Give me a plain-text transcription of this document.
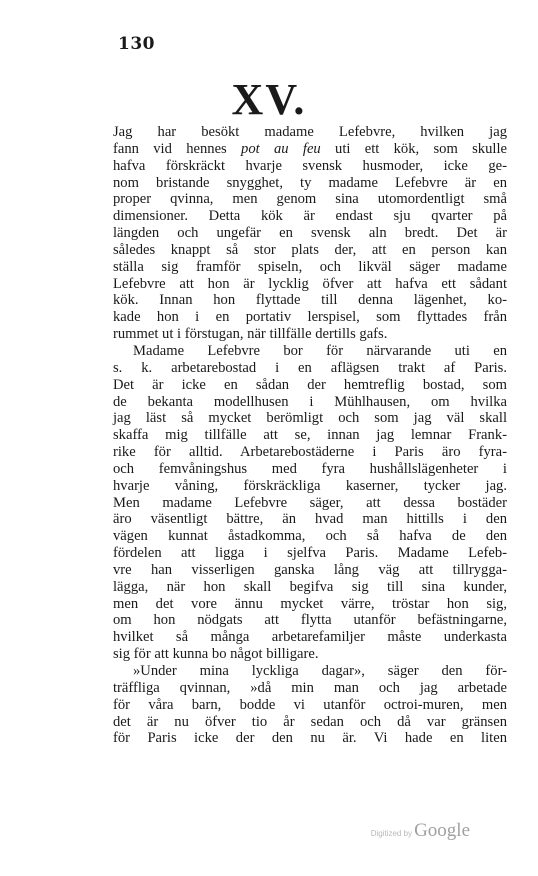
130
XV.
Jag har besökt madame Lefebvre, hvilken jag
fann vid hennes pot au feu uti ett kök, som skulle
hafva förskräckt hvarje svensk husmoder, icke ge-
nom bristande snygghet, ty madame Lefebvre är en
proper qvinna, men genom sina utomordentligt små
dimensioner. Detta kök är endast sju qvarter på
längden och ungefär en svensk aln bredt. Det är
således knappt så stor plats der, att en person kan
ställa sig framför spiseln, och likväl säger madame
Lefebvre att hon är lycklig öfver att hafva ett sådant
kök. Innan hon flyttade till denna lägenhet, ko-
kade hon i en portativ lerspisel, som flyttades från
rummet ut i förstugan, när tillfälle dertills gafs.
Madame Lefebvre bor för närvarande uti en
s. k. arbetarebostad i en aflägsen trakt af Paris.
Det är icke en sådan der hemtreflig bostad, som
de bekanta modellhusen i Mühlhausen, om hvilka
jag läst så mycket berömligt och som jag väl skall
skaffa mig tillfälle att se, innan jag lemnar Frank-
rike för alltid. Arbetarebostäderne i Paris äro fyra-
och femvåningshus med fyra hushållslägenheter i
hvarje våning, förskräckliga kaserner, tycker jag.
Men madame Lefebvre säger, att dessa bostäder
äro väsentligt bättre, än hvad man hittills i den
vägen kunnat åstadkomma, och så hafva de den
fördelen att ligga i sjelfva Paris. Madame Lefeb-
vre han visserligen ganska lång väg att tillrygga-
lägga, när hon skall begifva sig till sina kunder,
men det vore ännu mycket värre, tröstar hon sig,
om hon nödgats att flytta utanför befästningarne,
hvilket så många arbetarefamiljer måste underkasta
sig för att kunna bo något billigare.
»Under mina lyckliga dagar», säger den för-
träffliga qvinnan, »då min man och jag arbetade
för våra barn, bodde vi utanför octroi-muren, men
det är nu öfver tio år sedan och då var gränsen
för Paris icke der den nu är. Vi hade en liten
Digitized by Google
